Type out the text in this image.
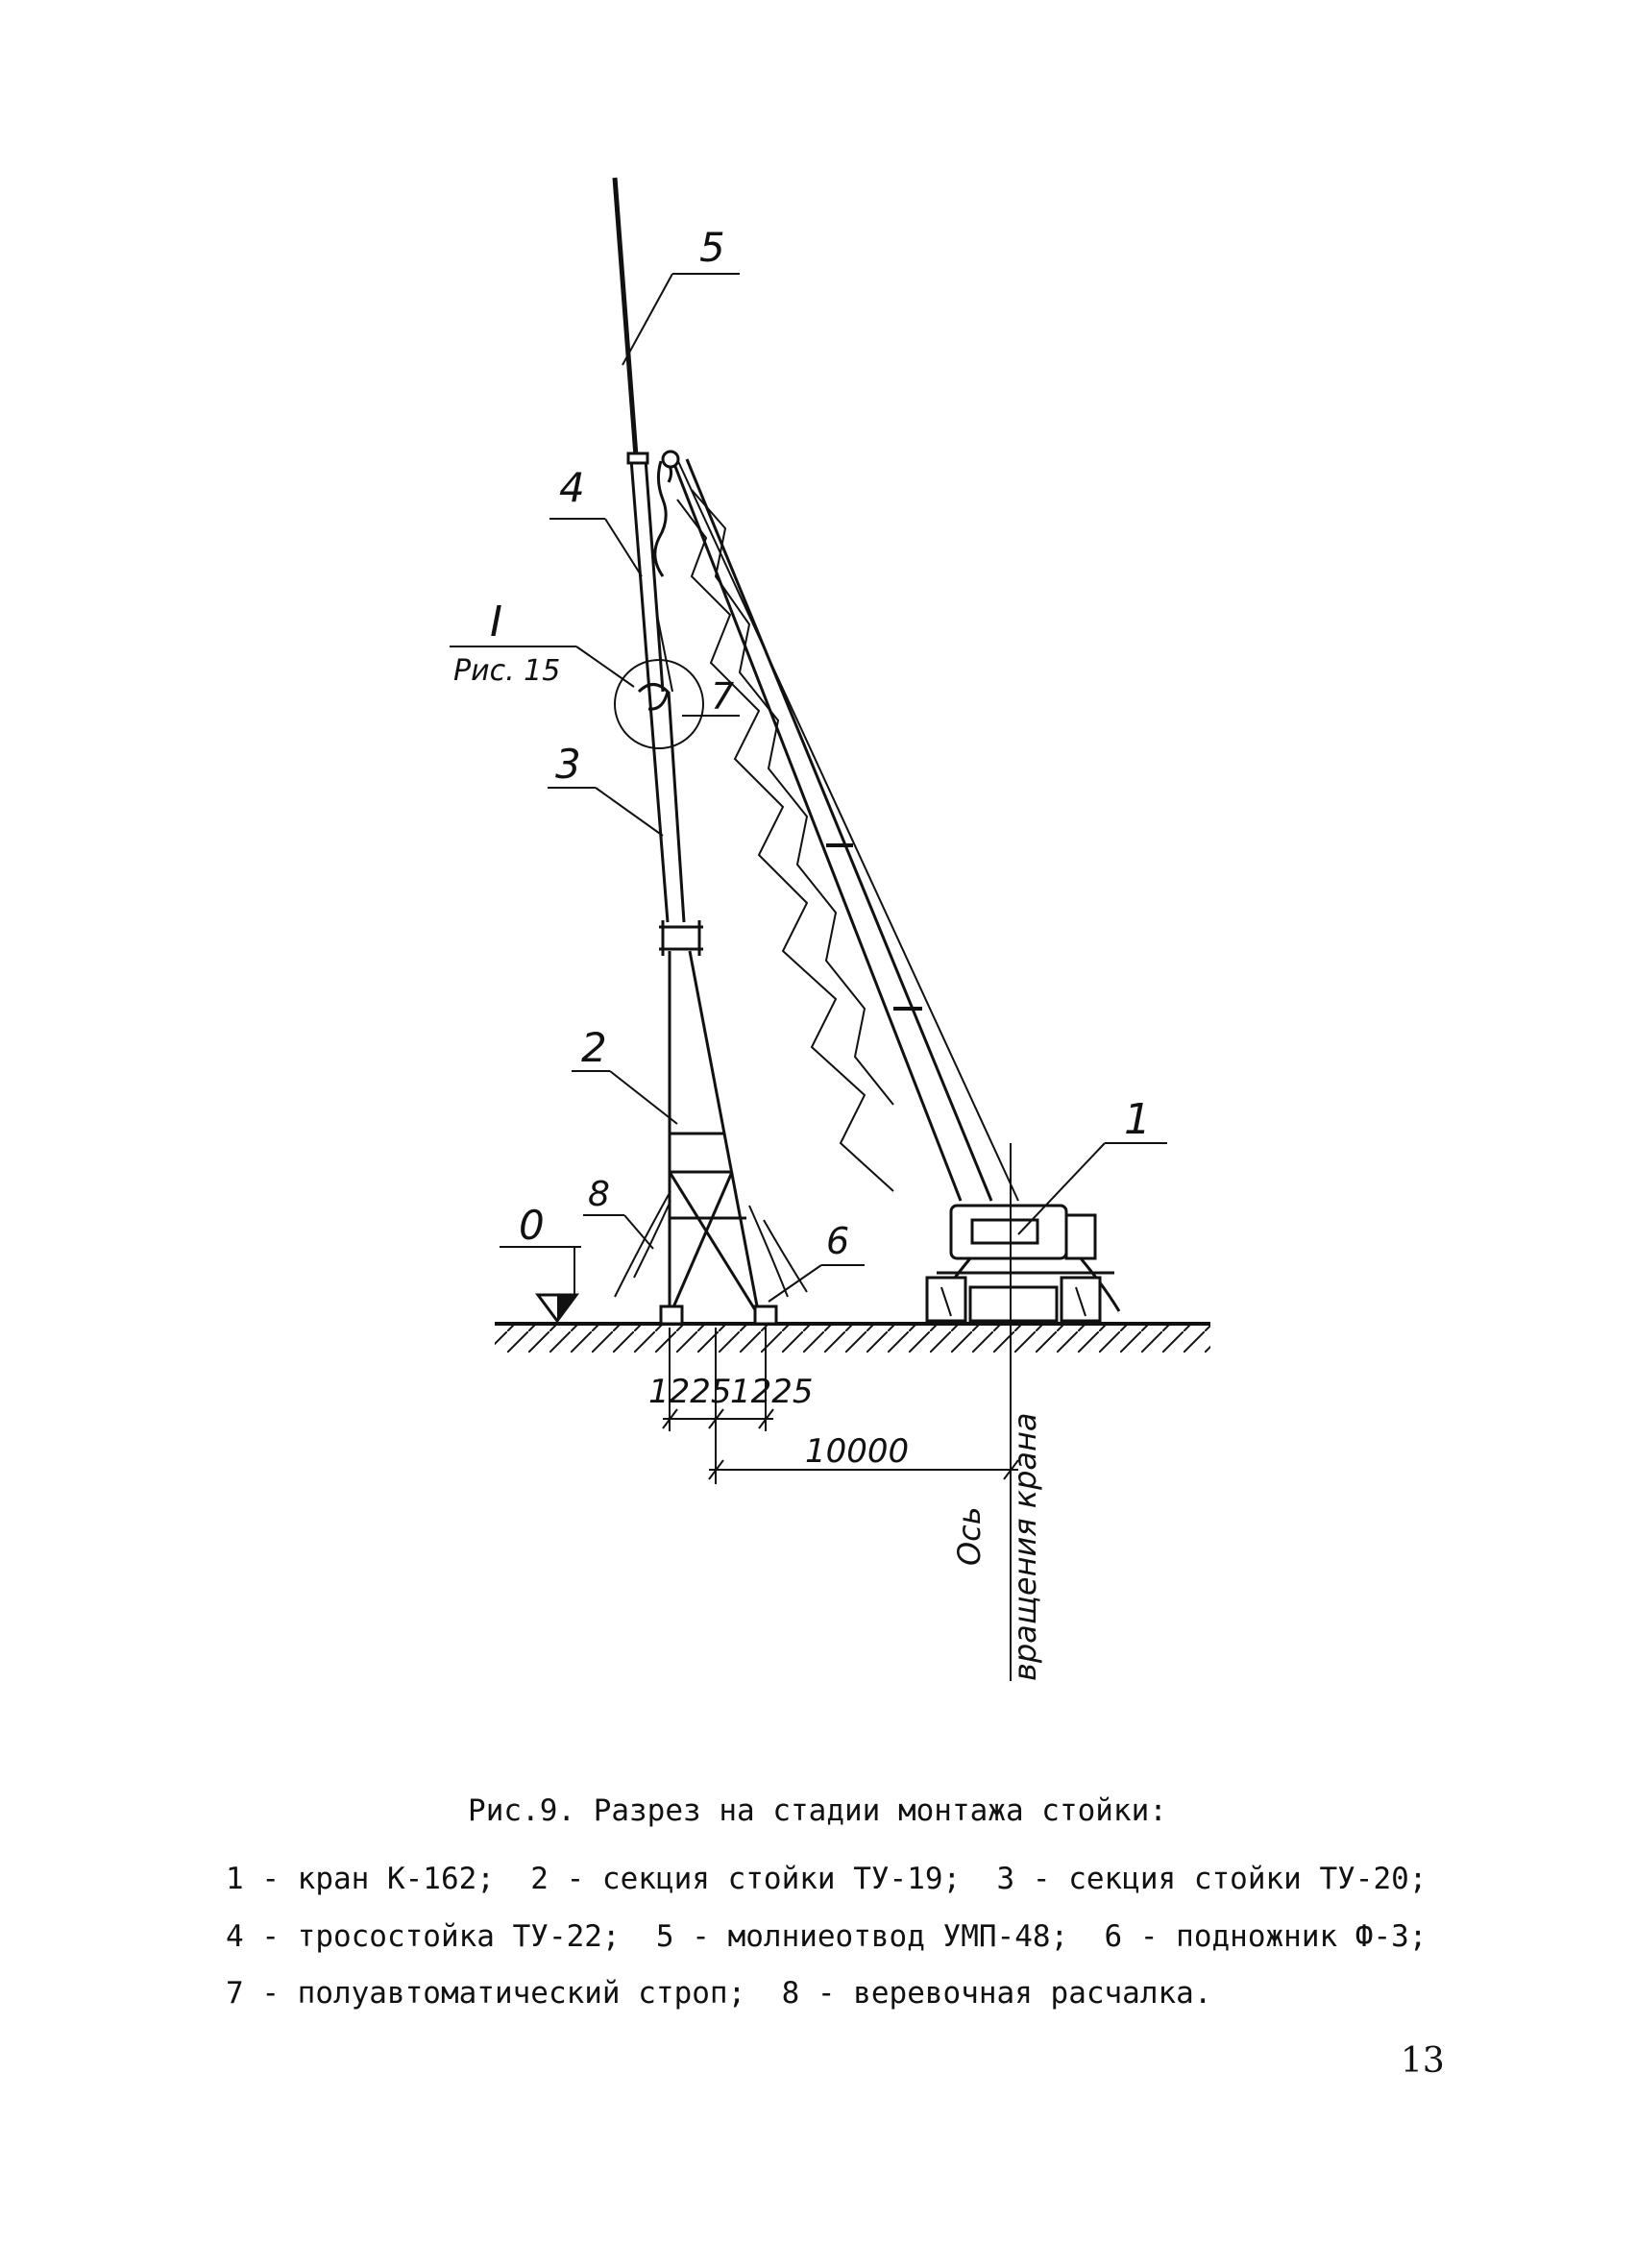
5
4
I
Рис. 15
7
3
2
1
8
0	6
1225
1225
10000
Ось вращения крана
Рис.9. Разрез на стадии монтажа стойки:
1 - кран К-162;  2 - секция стойки ТУ-19;  3 - секция стойки ТУ-20;
4 - тросостойка ТУ-22;  5 - молниеотвод УМП-48;  6 - подножник Ф-3;
7 - полуавтоматический строп;  8 - веревочная расчалка.
13
